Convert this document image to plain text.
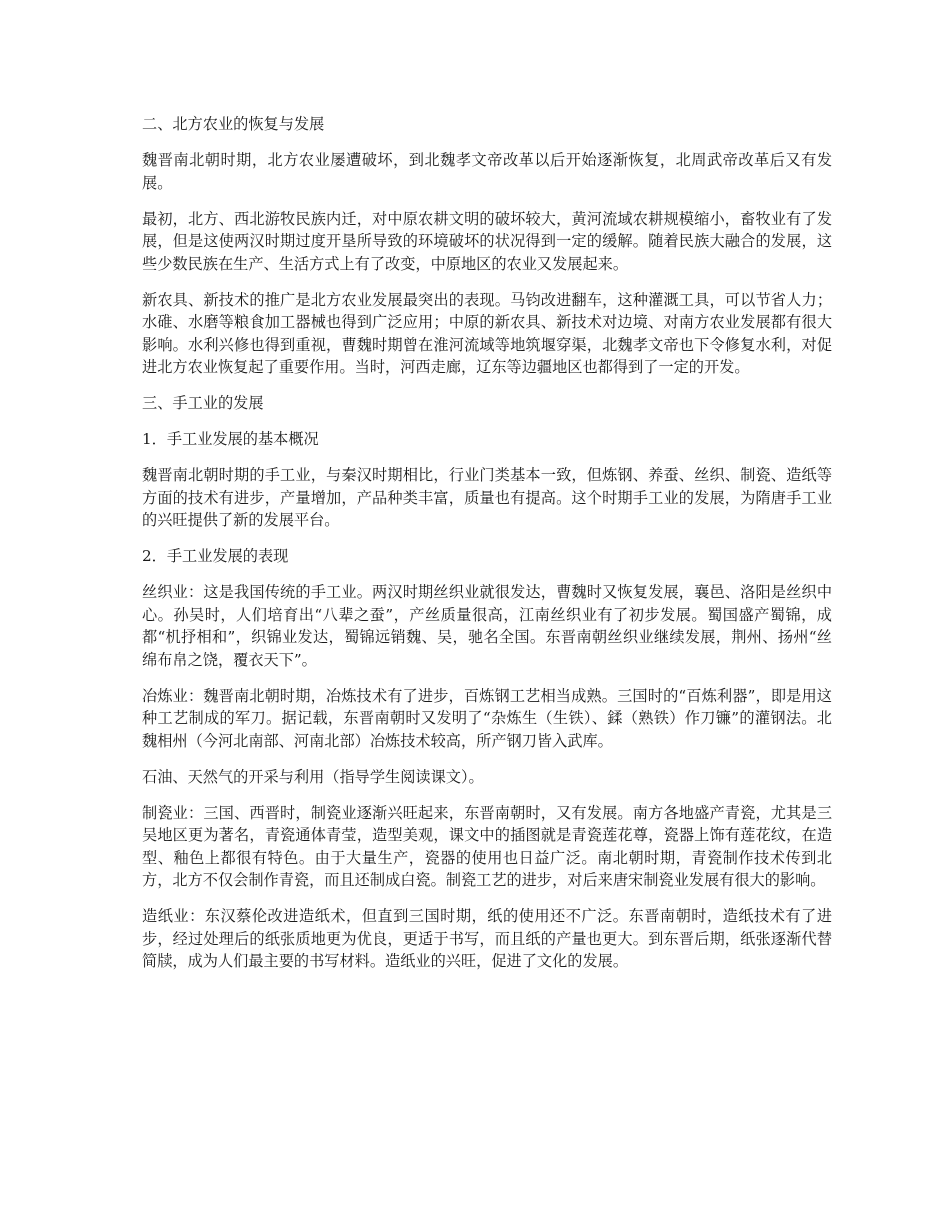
二、北方农业的恢复与发展
魏晋南北朝时期，北方农业屡遭破坏，到北魏孝文帝改革以后开始逐渐恢复，北周武帝改革后又有发展。
最初，北方、西北游牧民族内迁，对中原农耕文明的破坏较大，黄河流域农耕规模缩小，畜牧业有了发展，但是这使两汉时期过度开垦所导致的环境破坏的状况得到一定的缓解。随着民族大融合的发展，这些少数民族在生产、生活方式上有了改变，中原地区的农业又发展起来。
新农具、新技术的推广是北方农业发展最突出的表现。马钧改进翻车，这种灌溉工具，可以节省人力；水碓、水磨等粮食加工器械也得到广泛应用；中原的新农具、新技术对边境、对南方农业发展都有很大影响。水利兴修也得到重视，曹魏时期曾在淮河流域等地筑堰穿渠，北魏孝文帝也下令修复水利，对促进北方农业恢复起了重要作用。当时，河西走廊，辽东等边疆地区也都得到了一定的开发。
三、手工业的发展
1．手工业发展的基本概况
魏晋南北朝时期的手工业，与秦汉时期相比，行业门类基本一致，但炼钢、养蚕、丝织、制瓷、造纸等方面的技术有进步，产量增加，产品种类丰富，质量也有提高。这个时期手工业的发展，为隋唐手工业的兴旺提供了新的发展平台。
2．手工业发展的表现
丝织业：这是我国传统的手工业。两汉时期丝织业就很发达，曹魏时又恢复发展，襄邑、洛阳是丝织中心。孙吴时，人们培育出“八辈之蚕”，产丝质量很高，江南丝织业有了初步发展。蜀国盛产蜀锦，成都“机抒相和”，织锦业发达，蜀锦远销魏、吴，驰名全国。东晋南朝丝织业继续发展，荆州、扬州“丝绵布帛之饶，覆衣天下”。
冶炼业：魏晋南北朝时期，冶炼技术有了进步，百炼钢工艺相当成熟。三国时的“百炼利器”，即是用这种工艺制成的军刀。据记载，东晋南朝时又发明了“杂炼生（生铁）、鍒（熟铁）作刀镰”的灌钢法。北魏相州（今河北南部、河南北部）冶炼技术较高，所产钢刀皆入武库。
石油、天然气的开采与利用（指导学生阅读课文）。
制瓷业：三国、西晋时，制瓷业逐渐兴旺起来，东晋南朝时，又有发展。南方各地盛产青瓷，尤其是三吴地区更为著名，青瓷通体青莹，造型美观，课文中的插图就是青瓷莲花尊，瓷器上饰有莲花纹，在造型、釉色上都很有特色。由于大量生产，瓷器的使用也日益广泛。南北朝时期，青瓷制作技术传到北方，北方不仅会制作青瓷，而且还制成白瓷。制瓷工艺的进步，对后来唐宋制瓷业发展有很大的影响。
造纸业：东汉蔡伦改进造纸术，但直到三国时期，纸的使用还不广泛。东晋南朝时，造纸技术有了进步，经过处理后的纸张质地更为优良，更适于书写，而且纸的产量也更大。到东晋后期，纸张逐渐代替简牍，成为人们最主要的书写材料。造纸业的兴旺，促进了文化的发展。
